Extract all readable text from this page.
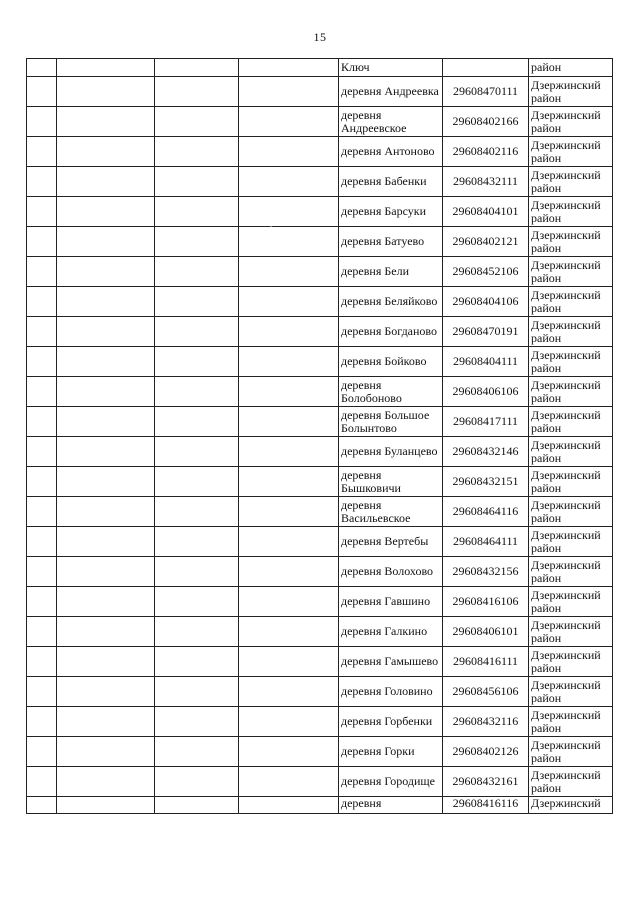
15
				Ключ		район
				деревня Андреевка	29608470111	Дзержинский район
				деревня Андреевское	29608402166	Дзержинский район
				деревня Антоново	29608402116	Дзержинский район
				деревня Бабенки	29608432111	Дзержинский район
				деревня Барсуки	29608404101	Дзержинский район
				деревня Батуево	29608402121	Дзержинский район
				деревня Бели	29608452106	Дзержинский район
				деревня Беляйково	29608404106	Дзержинский район
				деревня Богданово	29608470191	Дзержинский район
				деревня Бойково	29608404111	Дзержинский район
				деревня Болобоново	29608406106	Дзержинский район
				деревня Большое Болынтово	29608417111	Дзержинский район
				деревня Буланцево	29608432146	Дзержинский район
				деревня Бышковичи	29608432151	Дзержинский район
				деревня Васильевское	29608464116	Дзержинский район
				деревня Вертебы	29608464111	Дзержинский район
				деревня Волохово	29608432156	Дзержинский район
				деревня Гавшино	29608416106	Дзержинский район
				деревня Галкино	29608406101	Дзержинский район
				деревня Гамышево	29608416111	Дзержинский район
				деревня Головино	29608456106	Дзержинский район
				деревня Горбенки	29608432116	Дзержинский район
				деревня Горки	29608402126	Дзержинский район
				деревня Городище	29608432161	Дзержинский район
				деревня	29608416116	Дзержинский
